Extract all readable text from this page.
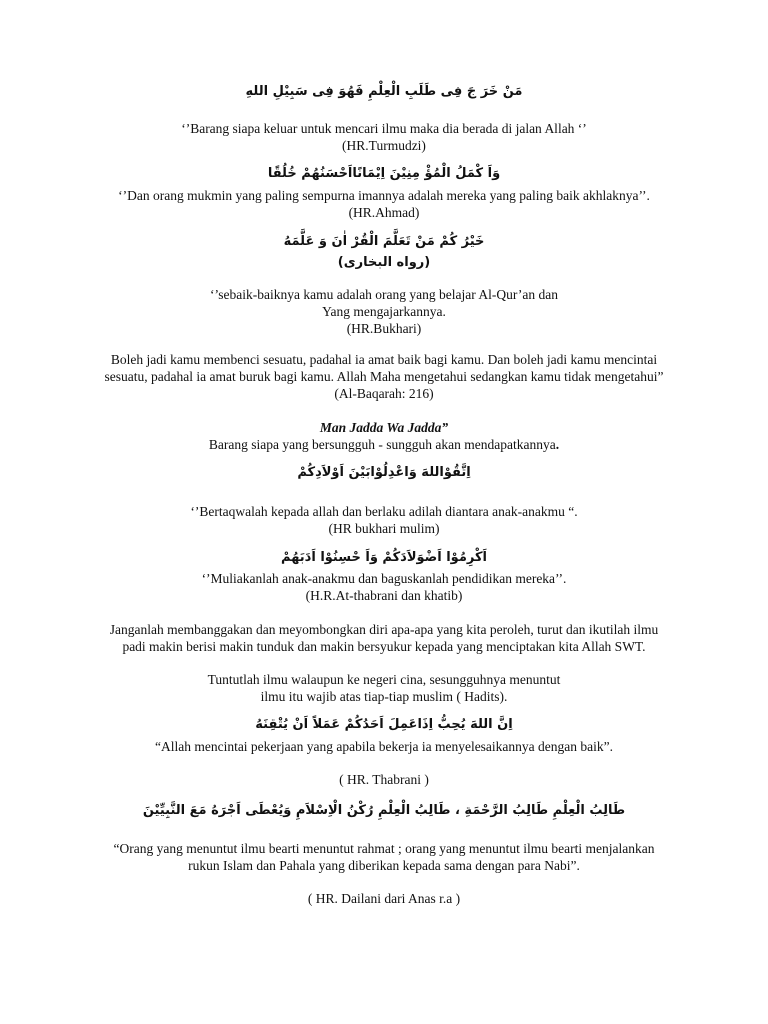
مَنْ خَرَ جَ فِى طَلَبِ الْعِلْمِ فَهُوَ فِى سَبِيْلِ اللهِ
‘’Barang siapa keluar untuk mencari ilmu maka dia berada di jalan Allah ‘’
(HR.Turmudzi)
وَاَ كْمَلُ الْمُؤْ مِنِيْنَ اِيْمَانًااَحْسَنُهُمْ خُلُقًا
‘’Dan orang mukmin yang paling sempurna imannya adalah mereka yang paling baik akhlaknya’’.
(HR.Ahmad)
خَيْرُ كُمْ مَنْ تَعَلَّمَ الْقُرْ اٰنَ وَ عَلَّمَهُ
(رواه البخارى)
‘’sebaik-baiknya kamu adalah orang yang belajar Al-Qur’an dan
Yang mengajarkannya.
(HR.Bukhari)
Boleh jadi kamu membenci sesuatu, padahal ia amat baik bagi kamu. Dan boleh jadi kamu mencintai
sesuatu, padahal ia amat buruk bagi kamu. Allah Maha mengetahui sedangkan kamu tidak mengetahui”
(Al-Baqarah: 216)
Man Jadda Wa Jadda”
Barang siapa yang bersungguh - sungguh akan mendapatkannya.
اِتَّقُوْاللهَ وَاعْدِلُوْابَيْنَ اَوْلاَدِكُمْ
‘’Bertaqwalah kepada allah dan berlaku adilah diantara anak-anakmu “.
(HR bukhari mulim)
اَكْرِمُوْا اَضْوَلاَدَكُمْ وَاَ حْسِنُوْا اَدَبَهُمْ
‘’Muliakanlah anak-anakmu dan baguskanlah pendidikan mereka’’.
(H.R.At-thabrani dan khatib)
Janganlah membanggakan dan meyombongkan diri apa-apa yang kita peroleh, turut dan ikutilah ilmu
padi makin berisi makin tunduk dan makin bersyukur kepada yang menciptakan kita Allah SWT.
Tuntutlah ilmu walaupun ke negeri cina, sesungguhnya menuntut
ilmu itu wajib atas tiap-tiap muslim ( Hadits).
اِنَّ اللهَ يُحِبُّ اِذَاعَمِلَ اَحَدُكُمْ عَمَلاً اَنْ يُتْقِنَهُ
“Allah mencintai pekerjaan yang apabila bekerja ia menyelesaikannya dengan baik”.
( HR. Thabrani )
طَالِبُ الْعِلْمِ طَالِبُ الرَّحْمَةِ ، طَالِبُ الْعِلْمِ رُكْنُ الْاِسْلاَمِ وَيُعْطَى اَجْرَهُ مَعَ النَّبِيِّيْنَ
“Orang yang menuntut ilmu bearti menuntut rahmat ; orang yang menuntut ilmu bearti menjalankan
rukun Islam dan Pahala yang diberikan kepada sama dengan para Nabi”.
( HR. Dailani dari Anas r.a )
